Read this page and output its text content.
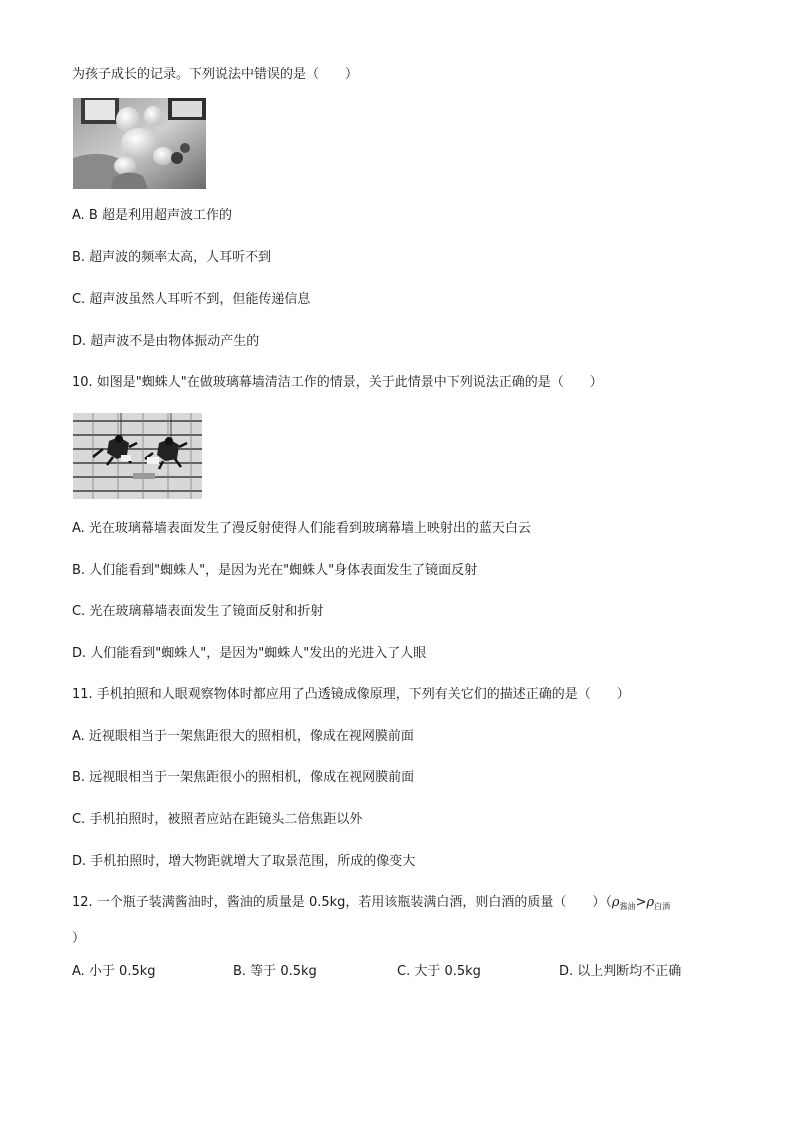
为孩子成长的记录。下列说法中错误的是（　　）
A. B 超是利用超声波工作的
B. 超声波的频率太高，人耳听不到
C. 超声波虽然人耳听不到，但能传递信息
D. 超声波不是由物体振动产生的
10. 如图是"蜘蛛人"在做玻璃幕墙清洁工作的情景，关于此情景中下列说法正确的是（　　）
A. 光在玻璃幕墙表面发生了漫反射使得人们能看到玻璃幕墙上映射出的蓝天白云
B. 人们能看到"蜘蛛人"，是因为光在"蜘蛛人"身体表面发生了镜面反射
C. 光在玻璃幕墙表面发生了镜面反射和折射
D. 人们能看到"蜘蛛人"，是因为"蜘蛛人"发出的光进入了人眼
11. 手机拍照和人眼观察物体时都应用了凸透镜成像原理，下列有关它们的描述正确的是（　　）
A. 近视眼相当于一架焦距很大的照相机，像成在视网膜前面
B. 远视眼相当于一架焦距很小的照相机，像成在视网膜前面
C. 手机拍照时，被照者应站在距镜头二倍焦距以外
D. 手机拍照时，增大物距就增大了取景范围，所成的像变大
12. 一个瓶子装满酱油时，酱油的质量是 0.5kg，若用该瓶装满白酒，则白酒的质量（　　）（$\rho_{酱油}>\rho_{白酒}$
）
A. 小于 0.5kg	B. 等于 0.5kg	C. 大于 0.5kg	D. 以上判断均不正确
